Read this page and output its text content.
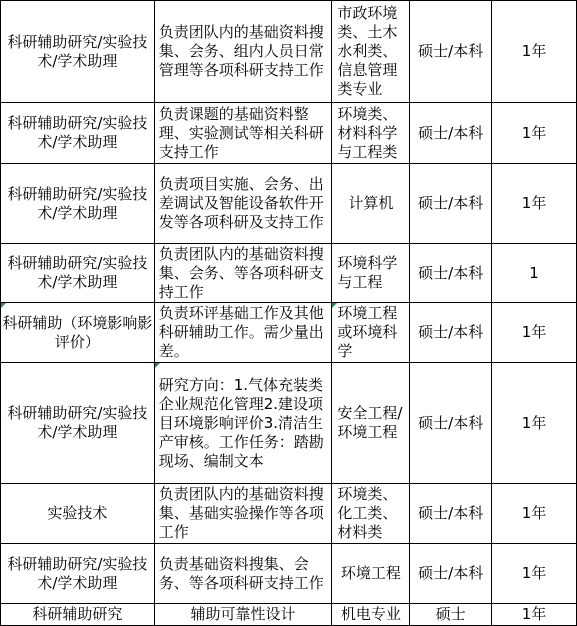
科研辅助研究/实验技术/学术助理	负责团队内的基础资料搜集、会务、组内人员日常管理等各项科研支持工作	市政环境类、土木水利类、信息管理类专业	硕士/本科	1年
科研辅助研究/实验技术/学术助理	负责课题的基础资料整理、实验测试等相关科研支持工作	环境类、材料科学与工程类	硕士/本科	1年
科研辅助研究/实验技术/学术助理	负责项目实施、会务、出差调试及智能设备软件开发等各项科研及支持工作	计算机	硕士/本科	1年
科研辅助研究/实验技术/学术助理	负责团队内的基础资料搜集、会务、等各项科研支持工作	环境科学与工程	硕士/本科	1

科研辅助（环境影响影评价）	负责环评基础工作及其他科研辅助工作。需少量出差。	环境工程或环境科学	硕士/本科	1年
科研辅助研究/实验技术/学术助理	研究方向：1.气体充装类企业规范化管理2.建设项目环境影响评价3.清洁生产审核。工作任务：踏勘现场、编制文本	安全工程/环境工程	硕士/本科	1年
实验技术	负责团队内的基础资料搜集、基础实验操作等各项工作	环境类、化工类、材料类	硕士/本科	1年
科研辅助研究/实验技术/学术助理	负责基础资料搜集、会务、等各项科研支持工作	环境工程	硕士/本科	1年
科研辅助研究	辅助可靠性设计	机电专业	硕士	1年
